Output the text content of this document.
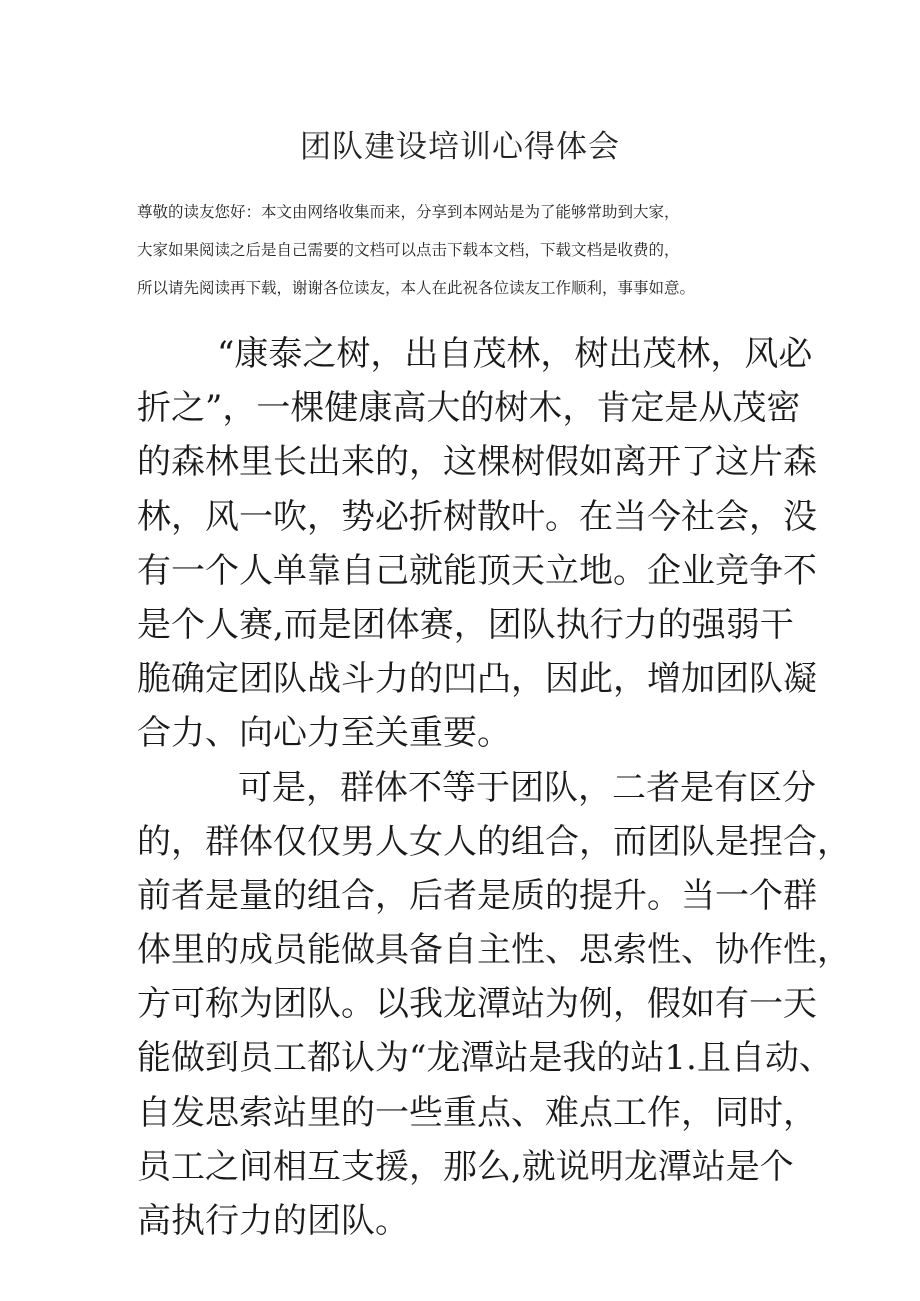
团队建设培训心得体会
尊敬的读友您好：本文由网络收集而来，分享到本网站是为了能够常助到大家，
大家如果阅读之后是自己需要的文档可以点击下载本文档，下载文档是收费的，
所以请先阅读再下载，谢谢各位读友，本人在此祝各位读友工作顺利，事事如意。
“康泰之树，出自茂林，树出茂林，风必
折之”，一棵健康高大的树木，肯定是从茂密
的森林里长出来的，这棵树假如离开了这片森
林，风一吹，势必折树散叶。在当今社会，没
有一个人单靠自己就能顶天立地。企业竞争不
是个人赛,而是团体赛，团队执行力的强弱干
脆确定团队战斗力的凹凸，因此，增加团队凝
合力、向心力至关重要。
可是，群体不等于团队，二者是有区分
的，群体仅仅男人女人的组合，而团队是捏合，
前者是量的组合，后者是质的提升。当一个群
体里的成员能做具备自主性、思索性、协作性，
方可称为团队。以我龙潭站为例，假如有一天
能做到员工都认为“龙潭站是我的站1.且自动、
自发思索站里的一些重点、难点工作，同时，
员工之间相互支援，那么,就说明龙潭站是个
高执行力的团队。
